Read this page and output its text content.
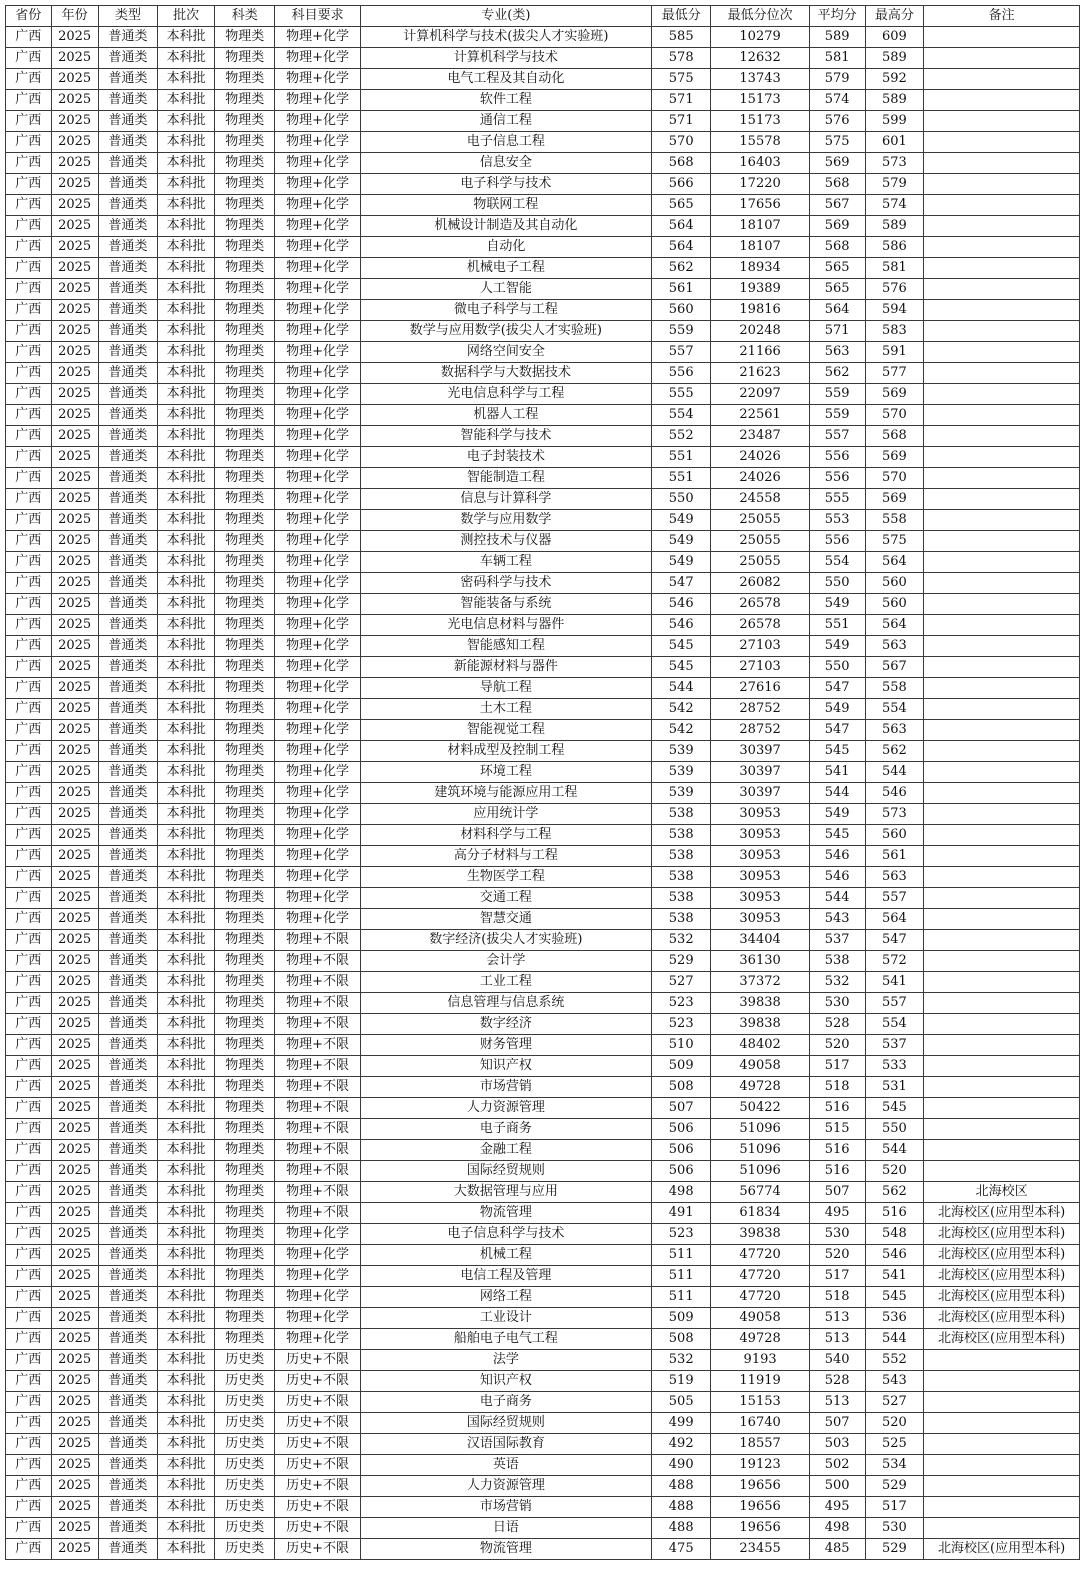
省份	年份	类型	批次	科类	科目要求	专业(类)	最低分	最低分位次	平均分	最高分	备注
广西	2025	普通类	本科批	物理类	物理+化学	计算机科学与技术(拔尖人才实验班)	585	10279	589	609	
广西	2025	普通类	本科批	物理类	物理+化学	计算机科学与技术	578	12632	581	589	
广西	2025	普通类	本科批	物理类	物理+化学	电气工程及其自动化	575	13743	579	592	
广西	2025	普通类	本科批	物理类	物理+化学	软件工程	571	15173	574	589	
广西	2025	普通类	本科批	物理类	物理+化学	通信工程	571	15173	576	599	
广西	2025	普通类	本科批	物理类	物理+化学	电子信息工程	570	15578	575	601	
广西	2025	普通类	本科批	物理类	物理+化学	信息安全	568	16403	569	573	
广西	2025	普通类	本科批	物理类	物理+化学	电子科学与技术	566	17220	568	579	
广西	2025	普通类	本科批	物理类	物理+化学	物联网工程	565	17656	567	574	
广西	2025	普通类	本科批	物理类	物理+化学	机械设计制造及其自动化	564	18107	569	589	
广西	2025	普通类	本科批	物理类	物理+化学	自动化	564	18107	568	586	
广西	2025	普通类	本科批	物理类	物理+化学	机械电子工程	562	18934	565	581	
广西	2025	普通类	本科批	物理类	物理+化学	人工智能	561	19389	565	576	
广西	2025	普通类	本科批	物理类	物理+化学	微电子科学与工程	560	19816	564	594	
广西	2025	普通类	本科批	物理类	物理+化学	数学与应用数学(拔尖人才实验班)	559	20248	571	583	
广西	2025	普通类	本科批	物理类	物理+化学	网络空间安全	557	21166	563	591	
广西	2025	普通类	本科批	物理类	物理+化学	数据科学与大数据技术	556	21623	562	577	
广西	2025	普通类	本科批	物理类	物理+化学	光电信息科学与工程	555	22097	559	569	
广西	2025	普通类	本科批	物理类	物理+化学	机器人工程	554	22561	559	570	
广西	2025	普通类	本科批	物理类	物理+化学	智能科学与技术	552	23487	557	568	
广西	2025	普通类	本科批	物理类	物理+化学	电子封装技术	551	24026	556	569	
广西	2025	普通类	本科批	物理类	物理+化学	智能制造工程	551	24026	556	570	
广西	2025	普通类	本科批	物理类	物理+化学	信息与计算科学	550	24558	555	569	
广西	2025	普通类	本科批	物理类	物理+化学	数学与应用数学	549	25055	553	558	
广西	2025	普通类	本科批	物理类	物理+化学	测控技术与仪器	549	25055	556	575	
广西	2025	普通类	本科批	物理类	物理+化学	车辆工程	549	25055	554	564	
广西	2025	普通类	本科批	物理类	物理+化学	密码科学与技术	547	26082	550	560	
广西	2025	普通类	本科批	物理类	物理+化学	智能装备与系统	546	26578	549	560	
广西	2025	普通类	本科批	物理类	物理+化学	光电信息材料与器件	546	26578	551	564	
广西	2025	普通类	本科批	物理类	物理+化学	智能感知工程	545	27103	549	563	
广西	2025	普通类	本科批	物理类	物理+化学	新能源材料与器件	545	27103	550	567	
广西	2025	普通类	本科批	物理类	物理+化学	导航工程	544	27616	547	558	
广西	2025	普通类	本科批	物理类	物理+化学	土木工程	542	28752	549	554	
广西	2025	普通类	本科批	物理类	物理+化学	智能视觉工程	542	28752	547	563	
广西	2025	普通类	本科批	物理类	物理+化学	材料成型及控制工程	539	30397	545	562	
广西	2025	普通类	本科批	物理类	物理+化学	环境工程	539	30397	541	544	
广西	2025	普通类	本科批	物理类	物理+化学	建筑环境与能源应用工程	539	30397	544	546	
广西	2025	普通类	本科批	物理类	物理+化学	应用统计学	538	30953	549	573	
广西	2025	普通类	本科批	物理类	物理+化学	材料科学与工程	538	30953	545	560	
广西	2025	普通类	本科批	物理类	物理+化学	高分子材料与工程	538	30953	546	561	
广西	2025	普通类	本科批	物理类	物理+化学	生物医学工程	538	30953	546	563	
广西	2025	普通类	本科批	物理类	物理+化学	交通工程	538	30953	544	557	
广西	2025	普通类	本科批	物理类	物理+化学	智慧交通	538	30953	543	564	
广西	2025	普通类	本科批	物理类	物理+不限	数字经济(拔尖人才实验班)	532	34404	537	547	
广西	2025	普通类	本科批	物理类	物理+不限	会计学	529	36130	538	572	
广西	2025	普通类	本科批	物理类	物理+不限	工业工程	527	37372	532	541	
广西	2025	普通类	本科批	物理类	物理+不限	信息管理与信息系统	523	39838	530	557	
广西	2025	普通类	本科批	物理类	物理+不限	数字经济	523	39838	528	554	
广西	2025	普通类	本科批	物理类	物理+不限	财务管理	510	48402	520	537	
广西	2025	普通类	本科批	物理类	物理+不限	知识产权	509	49058	517	533	
广西	2025	普通类	本科批	物理类	物理+不限	市场营销	508	49728	518	531	
广西	2025	普通类	本科批	物理类	物理+不限	人力资源管理	507	50422	516	545	
广西	2025	普通类	本科批	物理类	物理+不限	电子商务	506	51096	515	550	
广西	2025	普通类	本科批	物理类	物理+不限	金融工程	506	51096	516	544	
广西	2025	普通类	本科批	物理类	物理+不限	国际经贸规则	506	51096	516	520	
广西	2025	普通类	本科批	物理类	物理+不限	大数据管理与应用	498	56774	507	562	北海校区
广西	2025	普通类	本科批	物理类	物理+不限	物流管理	491	61834	495	516	北海校区(应用型本科)
广西	2025	普通类	本科批	物理类	物理+化学	电子信息科学与技术	523	39838	530	548	北海校区(应用型本科)
广西	2025	普通类	本科批	物理类	物理+化学	机械工程	511	47720	520	546	北海校区(应用型本科)
广西	2025	普通类	本科批	物理类	物理+化学	电信工程及管理	511	47720	517	541	北海校区(应用型本科)
广西	2025	普通类	本科批	物理类	物理+化学	网络工程	511	47720	518	545	北海校区(应用型本科)
广西	2025	普通类	本科批	物理类	物理+化学	工业设计	509	49058	513	536	北海校区(应用型本科)
广西	2025	普通类	本科批	物理类	物理+化学	船舶电子电气工程	508	49728	513	544	北海校区(应用型本科)
广西	2025	普通类	本科批	历史类	历史+不限	法学	532	9193	540	552	
广西	2025	普通类	本科批	历史类	历史+不限	知识产权	519	11919	528	543	
广西	2025	普通类	本科批	历史类	历史+不限	电子商务	505	15153	513	527	
广西	2025	普通类	本科批	历史类	历史+不限	国际经贸规则	499	16740	507	520	
广西	2025	普通类	本科批	历史类	历史+不限	汉语国际教育	492	18557	503	525	
广西	2025	普通类	本科批	历史类	历史+不限	英语	490	19123	502	534	
广西	2025	普通类	本科批	历史类	历史+不限	人力资源管理	488	19656	500	529	
广西	2025	普通类	本科批	历史类	历史+不限	市场营销	488	19656	495	517	
广西	2025	普通类	本科批	历史类	历史+不限	日语	488	19656	498	530	
广西	2025	普通类	本科批	历史类	历史+不限	物流管理	475	23455	485	529	北海校区(应用型本科)
